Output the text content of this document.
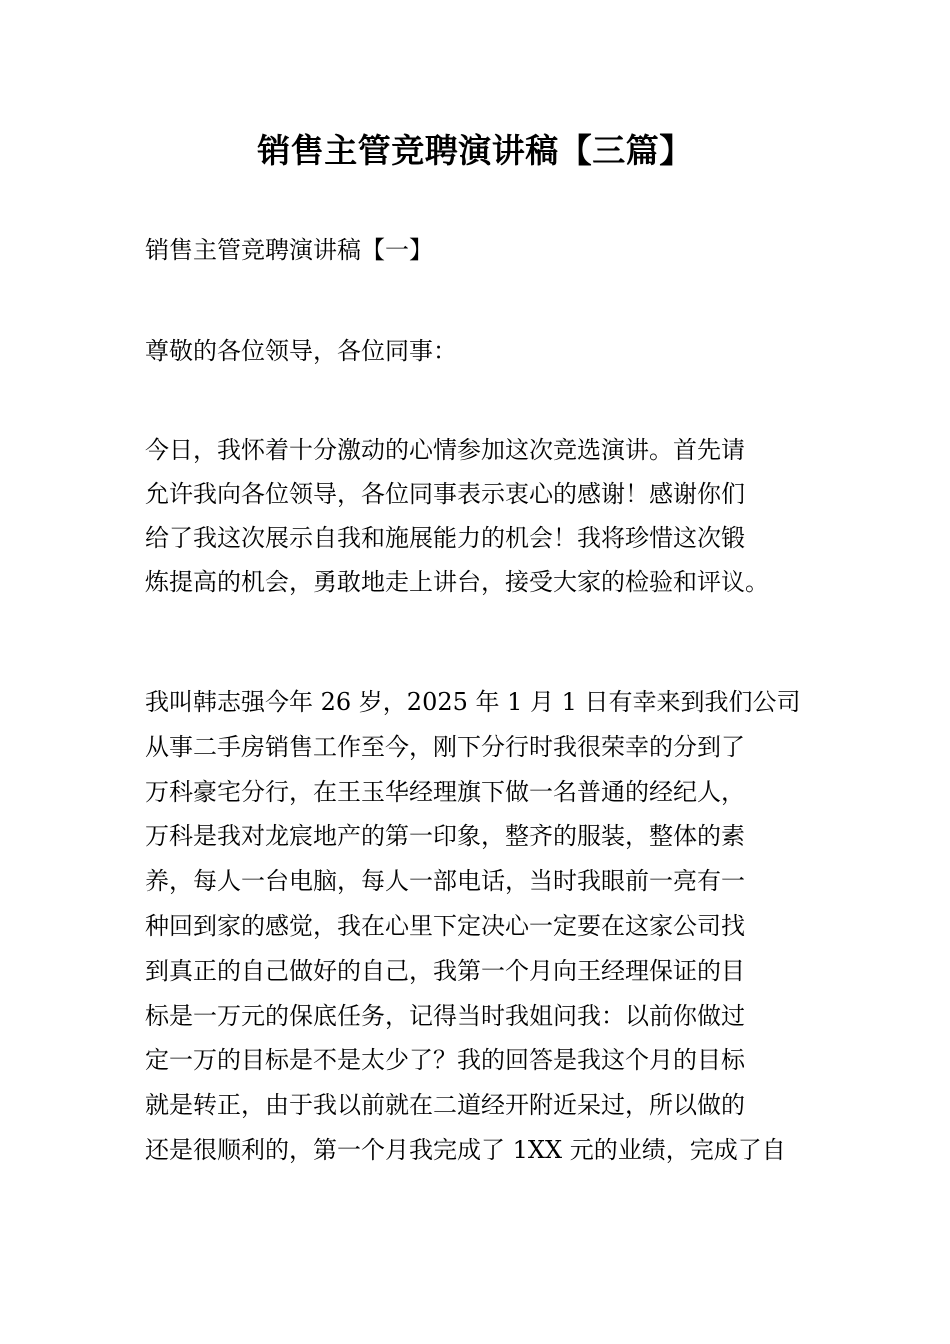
销售主管竞聘演讲稿【三篇】
销售主管竞聘演讲稿【一】
尊敬的各位领导，各位同事：
今日，我怀着十分激动的心情参加这次竞选演讲。首先请
允许我向各位领导，各位同事表示衷心的感谢！感谢你们
给了我这次展示自我和施展能力的机会！我将珍惜这次锻
炼提高的机会，勇敢地走上讲台，接受大家的检验和评议。
我叫韩志强今年 26 岁，2025 年 1 月 1 日有幸来到我们公司
从事二手房销售工作至今，刚下分行时我很荣幸的分到了
万科豪宅分行，在王玉华经理旗下做一名普通的经纪人，
万科是我对龙宸地产的第一印象，整齐的服装，整体的素
养，每人一台电脑，每人一部电话，当时我眼前一亮有一
种回到家的感觉，我在心里下定决心一定要在这家公司找
到真正的自己做好的自己，我第一个月向王经理保证的目
标是一万元的保底任务，记得当时我姐问我：以前你做过
定一万的目标是不是太少了？我的回答是我这个月的目标
就是转正，由于我以前就在二道经开附近呆过，所以做的
还是很顺利的，第一个月我完成了 1XX 元的业绩，完成了自
